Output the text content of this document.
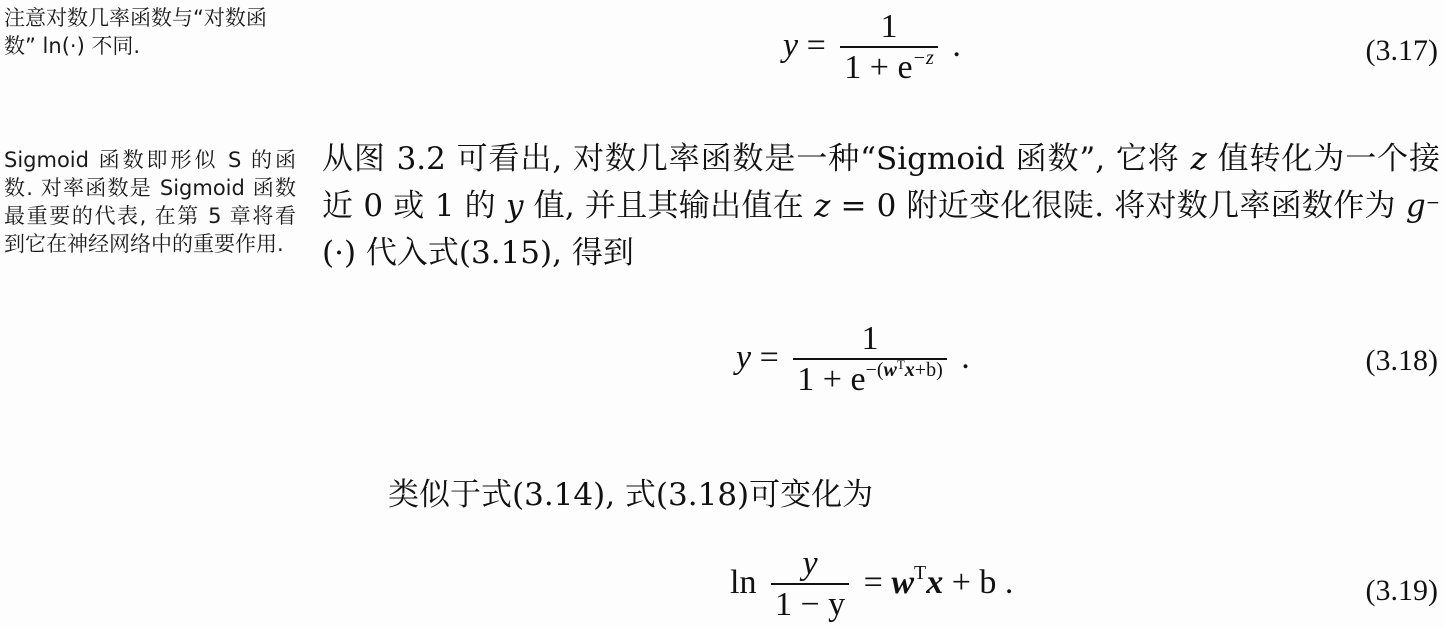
注意对数几率函数与“对数函数” ln(·) 不同.
Sigmoid 函数即形似 S 的函数. 对率函数是 Sigmoid 函数最重要的代表, 在第 5 章将看到它在神经网络中的重要作用.
$y = \frac{1}{1 + e^{-z}}$ .	(3.17)
从图 3.2 可看出, 对数几率函数是一种“Sigmoid 函数”, 它将 z 值转化为一个接近 0 或 1 的 y 值, 并且其输出值在 z = 0 附近变化很陡. 将对数几率函数作为 g−(·) 代入式(3.15), 得到
$y = \frac{1}{1 + e^{-(w^Tx+b)}}$ .	(3.18)
类似于式(3.14), 式(3.18)可变化为
$\ln \frac{y}{1 - y} = w^Tx + b$ .	(3.19)
